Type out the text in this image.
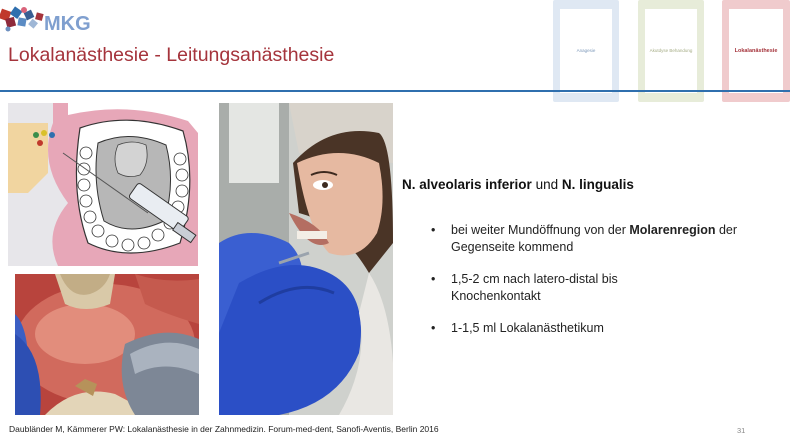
MKG
Lokalanästhesie - Leitungsanästhesie	Anagesie	Akutdyse Behandung	Lokalanästhesie
N. alveolaris inferior und N. lingualis
• bei weiter Mundöffnung von der Molarenregion der Gegenseite kommend
• 1,5-2 cm nach latero-distal bis Knochenkontakt
• 1-1,5 ml Lokalanästhetikum
Daubländer M, Kämmerer PW: Lokalanästhesie in der Zahnmedizin. Forum-med-dent, Sanofi-Aventis, Berlin 2016	31
